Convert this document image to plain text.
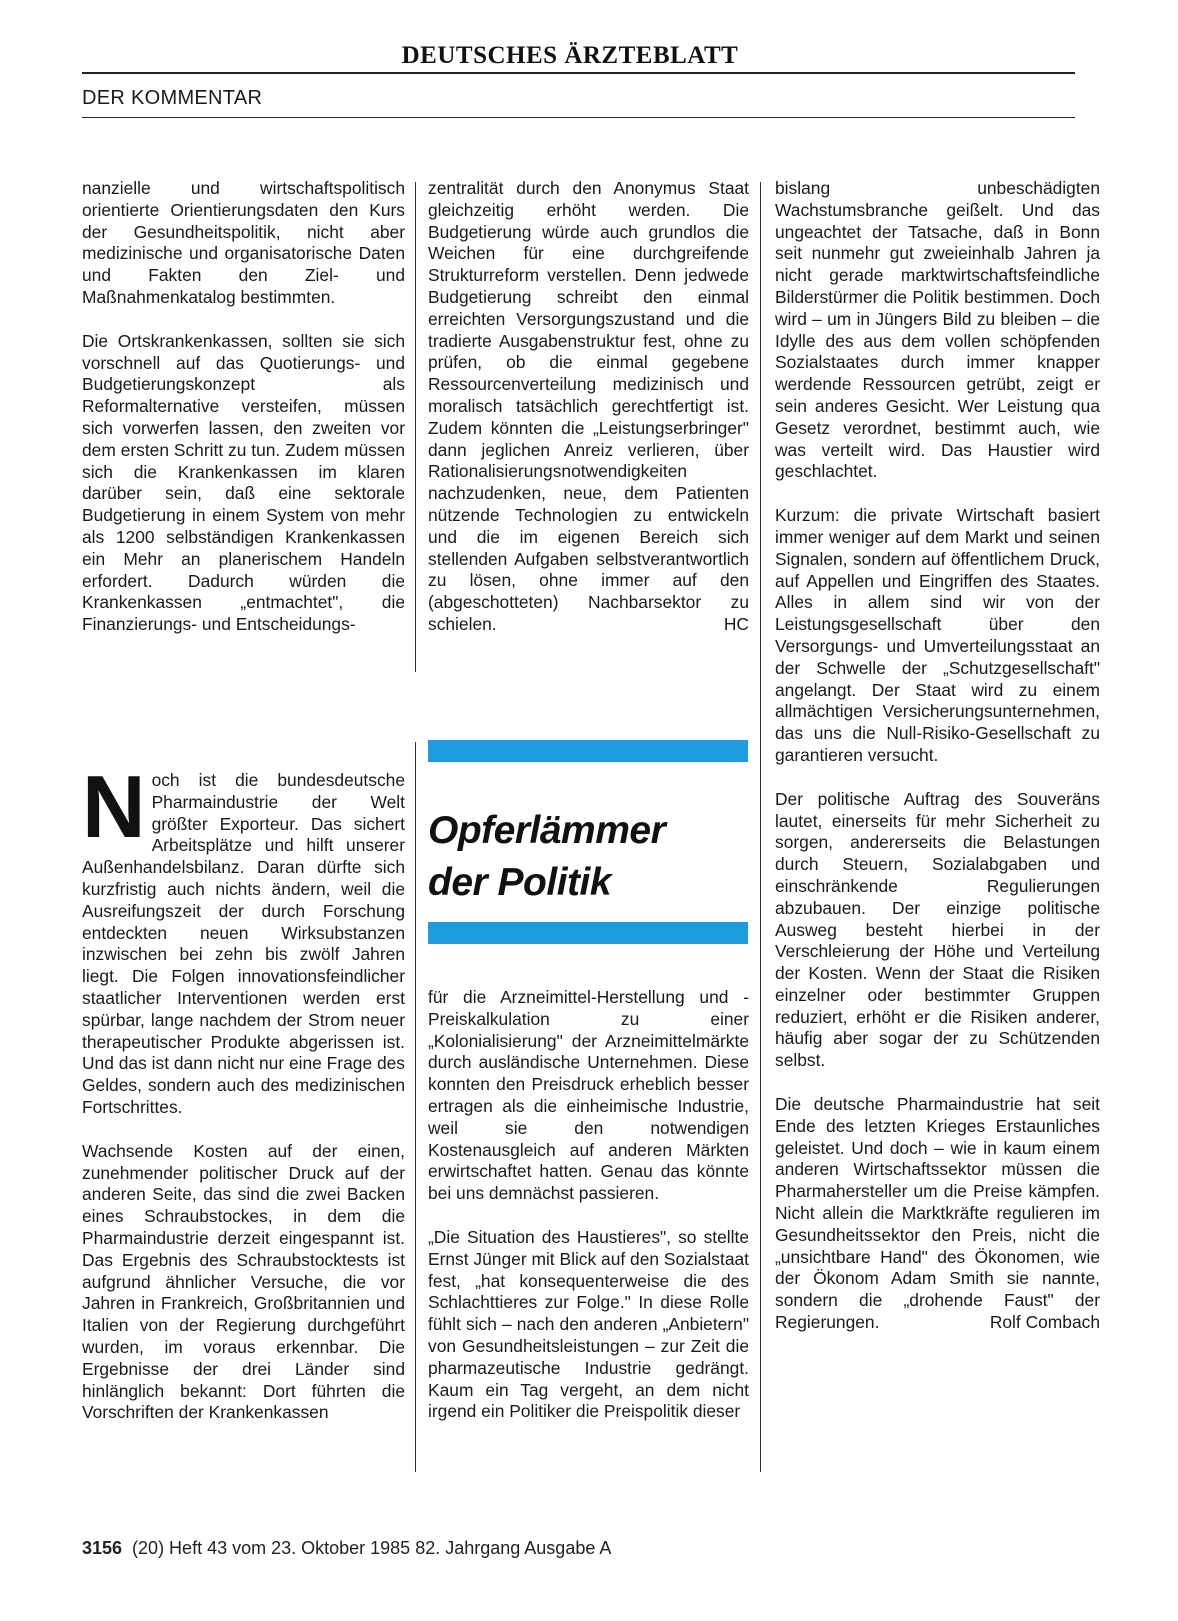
DEUTSCHES ÄRZTEBLATT
DER KOMMENTAR

nanzielle und wirtschaftspolitisch orientierte Orientierungsdaten den Kurs der Gesundheitspolitik, nicht aber medizinische und organisatorische Daten und Fakten den Ziel- und Maßnahmenkatalog bestimmten.

Die Ortskrankenkassen, sollten sie sich vorschnell auf das Quotierungs- und Budgetierungskonzept als Reformalternative versteifen, müssen sich vorwerfen lassen, den zweiten vor dem ersten Schritt zu tun. Zudem müssen sich die Krankenkassen im klaren darüber sein, daß eine sektorale Budgetierung in einem System von mehr als 1200 selbständigen Krankenkassen ein Mehr an planerischem Handeln erfordert. Dadurch würden die Krankenkassen „entmachtet", die Finanzierungs- und Entscheidungs-

zentralität durch den Anonymus Staat gleichzeitig erhöht werden. Die Budgetierung würde auch grundlos die Weichen für eine durchgreifende Strukturreform verstellen. Denn jedwede Budgetierung schreibt den einmal erreichten Versorgungszustand und die tradierte Ausgabenstruktur fest, ohne zu prüfen, ob die einmal gegebene Ressourcenverteilung medizinisch und moralisch tatsächlich gerechtfertigt ist. Zudem könnten die „Leistungserbringer" dann jeglichen Anreiz verlieren, über Rationalisierungsnotwendigkeiten nachzudenken, neue, dem Patienten nützende Technologien zu entwickeln und die im eigenen Bereich sich stellenden Aufgaben selbstverantwortlich zu lösen, ohne immer auf den (abgeschotteten) Nachbarsektor zu schielen.	HC

N och ist die bundesdeutsche Pharmaindustrie der Welt größter Exporteur. Das sichert Arbeitsplätze und hilft unserer Außenhandelsbilanz. Daran dürfte sich kurzfristig auch nichts ändern, weil die Ausreifungszeit der durch Forschung entdeckten neuen Wirksubstanzen inzwischen bei zehn bis zwölf Jahren liegt. Die Folgen innovationsfeindlicher staatlicher Interventionen werden erst spürbar, lange nachdem der Strom neuer therapeutischer Produkte abgerissen ist. Und das ist dann nicht nur eine Frage des Geldes, sondern auch des medizinischen Fortschrittes.

Wachsende Kosten auf der einen, zunehmender politischer Druck auf der anderen Seite, das sind die zwei Backen eines Schraubstockes, in dem die Pharmaindustrie derzeit eingespannt ist. Das Ergebnis des Schraubstocktests ist aufgrund ähnlicher Versuche, die vor Jahren in Frankreich, Großbritannien und Italien von der Regierung durchgeführt wurden, im voraus erkennbar. Die Ergebnisse der drei Länder sind hinlänglich bekannt: Dort führten die Vorschriften der Krankenkassen

Opferlämmer
der Politik

für die Arzneimittel-Herstellung und -Preiskalkulation zu einer „Kolonialisierung" der Arzneimittelmärkte durch ausländische Unternehmen. Diese konnten den Preisdruck erheblich besser ertragen als die einheimische Industrie, weil sie den notwendigen Kostenausgleich auf anderen Märkten erwirtschaftet hatten. Genau das könnte bei uns demnächst passieren.

„Die Situation des Haustieres", so stellte Ernst Jünger mit Blick auf den Sozialstaat fest, „hat konsequenterweise die des Schlachttieres zur Folge." In diese Rolle fühlt sich – nach den anderen „Anbietern" von Gesundheitsleistungen – zur Zeit die pharmazeutische Industrie gedrängt. Kaum ein Tag vergeht, an dem nicht irgend ein Politiker die Preispolitik dieser

bislang unbeschädigten Wachstumsbranche geißelt. Und das ungeachtet der Tatsache, daß in Bonn seit nunmehr gut zweieinhalb Jahren ja nicht gerade marktwirtschaftsfeindliche Bilderstürmer die Politik bestimmen. Doch wird – um in Jüngers Bild zu bleiben – die Idylle des aus dem vollen schöpfenden Sozialstaates durch immer knapper werdende Ressourcen getrübt, zeigt er sein anderes Gesicht. Wer Leistung qua Gesetz verordnet, bestimmt auch, wie was verteilt wird. Das Haustier wird geschlachtet.

Kurzum: die private Wirtschaft basiert immer weniger auf dem Markt und seinen Signalen, sondern auf öffentlichem Druck, auf Appellen und Eingriffen des Staates. Alles in allem sind wir von der Leistungsgesellschaft über den Versorgungs- und Umverteilungsstaat an der Schwelle der „Schutzgesellschaft" angelangt. Der Staat wird zu einem allmächtigen Versicherungsunternehmen, das uns die Null-Risiko-Gesellschaft zu garantieren versucht.

Der politische Auftrag des Souveräns lautet, einerseits für mehr Sicherheit zu sorgen, andererseits die Belastungen durch Steuern, Sozialabgaben und einschränkende Regulierungen abzubauen. Der einzige politische Ausweg besteht hierbei in der Verschleierung der Höhe und Verteilung der Kosten. Wenn der Staat die Risiken einzelner oder bestimmter Gruppen reduziert, erhöht er die Risiken anderer, häufig aber sogar der zu Schützenden selbst.

Die deutsche Pharmaindustrie hat seit Ende des letzten Krieges Erstaunliches geleistet. Und doch – wie in kaum einem anderen Wirtschaftssektor müssen die Pharmahersteller um die Preise kämpfen. Nicht allein die Marktkräfte regulieren im Gesundheitssektor den Preis, nicht die „unsichtbare Hand" des Ökonomen, wie der Ökonom Adam Smith sie nannte, sondern die „drohende Faust" der Regierungen.	Rolf Combach

3156 (20) Heft 43 vom 23. Oktober 1985 82. Jahrgang Ausgabe A
